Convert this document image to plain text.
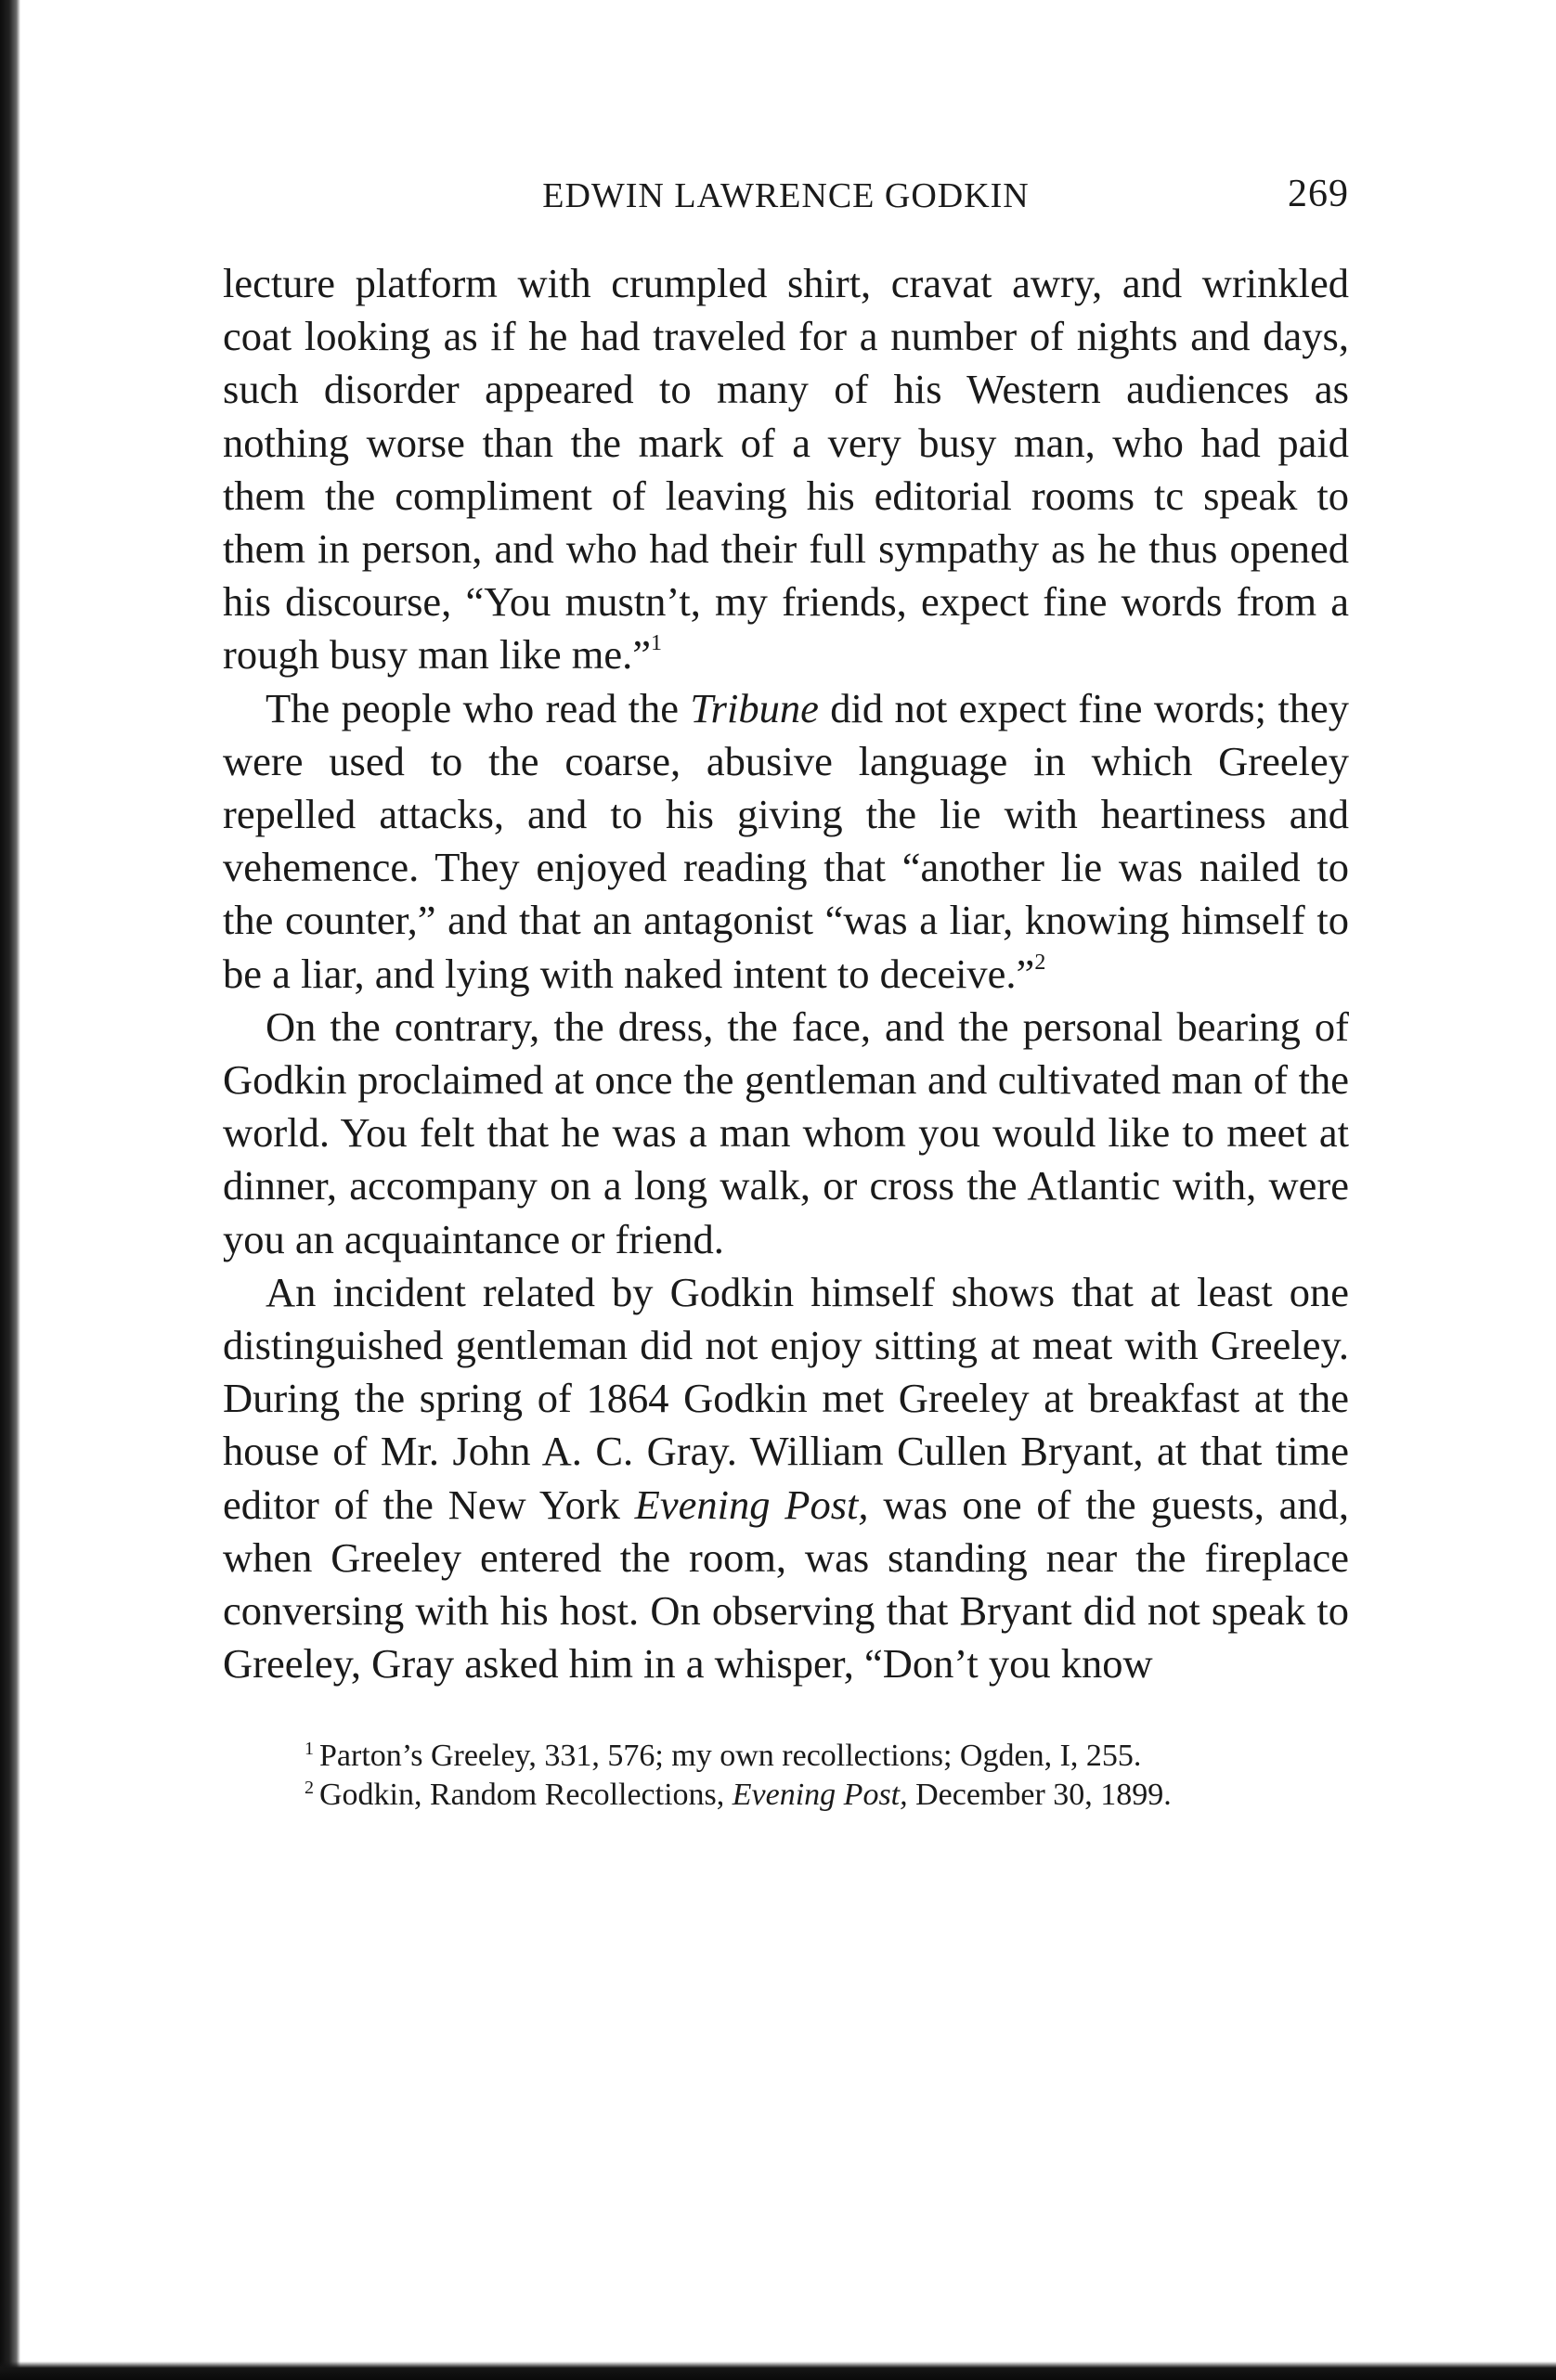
EDWIN LAWRENCE GODKIN	269

lecture platform with crumpled shirt, cravat awry, and wrinkled coat looking as if he had traveled for a number of nights and days, such disorder appeared to many of his Western audiences as nothing worse than the mark of a very busy man, who had paid them the compliment of leaving his editorial rooms tc speak to them in person, and who had their full sympathy as he thus opened his discourse, “You mustn’t, my friends, expect fine words from a rough busy man like me.”$^1$

The people who read the Tribune did not expect fine words; they were used to the coarse, abusive language in which Greeley repelled attacks, and to his giving the lie with heartiness and vehemence. They enjoyed reading that “another lie was nailed to the counter,” and that an antagonist “was a liar, knowing himself to be a liar, and lying with naked intent to deceive.”$^2$

On the contrary, the dress, the face, and the personal bearing of Godkin proclaimed at once the gentleman and cultivated man of the world. You felt that he was a man whom you would like to meet at dinner, accompany on a long walk, or cross the Atlantic with, were you an acquaintance or friend.

An incident related by Godkin himself shows that at least one distinguished gentleman did not enjoy sitting at meat with Greeley. During the spring of 1864 Godkin met Greeley at breakfast at the house of Mr. John A. C. Gray. William Cullen Bryant, at that time editor of the New York Evening Post, was one of the guests, and, when Greeley entered the room, was standing near the fireplace conversing with his host. On observing that Bryant did not speak to Greeley, Gray asked him in a whisper, “Don’t you know

$^1$ Parton’s Greeley, 331, 576; my own recollections; Ogden, I, 255.

$^2$ Godkin, Random Recollections, Evening Post, December 30, 1899.
